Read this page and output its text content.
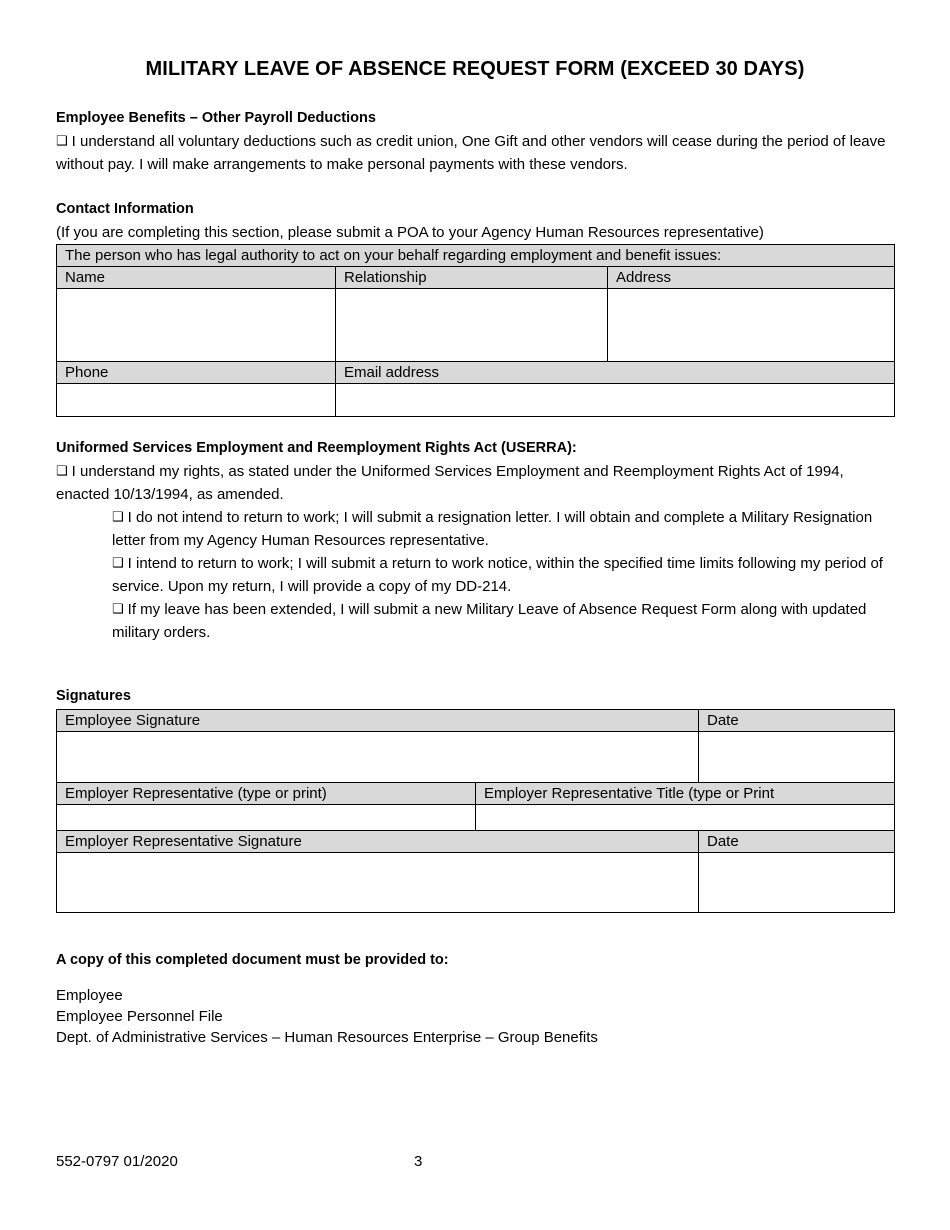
MILITARY LEAVE OF ABSENCE REQUEST FORM (EXCEED 30 DAYS)
Employee Benefits – Other Payroll Deductions

❑ I understand all voluntary deductions such as credit union, One Gift and other vendors will cease during the period of leave without pay. I will make arrangements to make personal payments with these vendors.

Contact Information
(If you are completing this section, please submit a POA to your Agency Human Resources representative)
The person who has legal authority to act on your behalf regarding employment and benefit issues:		
Name	Relationship	Address

Phone	Email address	

Uniformed Services Employment and Reemployment Rights Act (USERRA):

❑ I understand my rights, as stated under the Uniformed Services Employment and Reemployment Rights Act of 1994, enacted 10/13/1994, as amended.

❑ I do not intend to return to work; I will submit a resignation letter. I will obtain and complete a Military Resignation letter from my Agency Human Resources representative.

❑ I intend to return to work; I will submit a return to work notice, within the specified time limits following my period of service. Upon my return, I will provide a copy of my DD-214.

❑ If my leave has been extended, I will submit a new Military Leave of Absence Request Form along with updated military orders.

Signatures
Employee Signature		Date

Employer Representative (type or print)	Employer Representative Title (type or Print	

Employer Representative Signature		Date

A copy of this completed document must be provided to:
Employee
Employee Personnel File
Dept. of Administrative Services – Human Resources Enterprise – Group Benefits
552-0797 01/2020	3
